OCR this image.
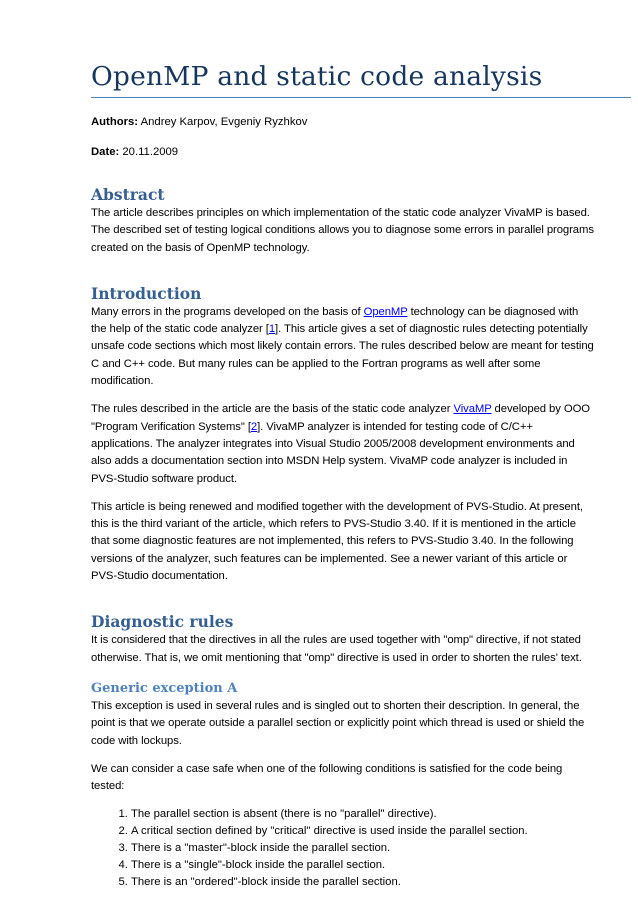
OpenMP and static code analysis

Authors: Andrey Karpov, Evgeniy Ryzhkov

Date: 20.11.2009

Abstract

The article describes principles on which implementation of the static code analyzer VivaMP is based. The described set of testing logical conditions allows you to diagnose some errors in parallel programs created on the basis of OpenMP technology.

Introduction

Many errors in the programs developed on the basis of OpenMP technology can be diagnosed with the help of the static code analyzer [1]. This article gives a set of diagnostic rules detecting potentially unsafe code sections which most likely contain errors. The rules described below are meant for testing C and C++ code. But many rules can be applied to the Fortran programs as well after some modification.

The rules described in the article are the basis of the static code analyzer VivaMP developed by OOO "Program Verification Systems" [2]. VivaMP analyzer is intended for testing code of C/C++ applications. The analyzer integrates into Visual Studio 2005/2008 development environments and also adds a documentation section into MSDN Help system. VivaMP code analyzer is included in PVS-Studio software product.

This article is being renewed and modified together with the development of PVS-Studio. At present, this is the third variant of the article, which refers to PVS-Studio 3.40. If it is mentioned in the article that some diagnostic features are not implemented, this refers to PVS-Studio 3.40. In the following versions of the analyzer, such features can be implemented. See a newer variant of this article or PVS-Studio documentation.

Diagnostic rules

It is considered that the directives in all the rules are used together with "omp" directive, if not stated otherwise. That is, we omit mentioning that "omp" directive is used in order to shorten the rules' text.

Generic exception A

This exception is used in several rules and is singled out to shorten their description. In general, the point is that we operate outside a parallel section or explicitly point which thread is used or shield the code with lockups.

We can consider a case safe when one of the following conditions is satisfied for the code being tested:

1. The parallel section is absent (there is no "parallel" directive).
2. A critical section defined by "critical" directive is used inside the parallel section.
3. There is a "master"-block inside the parallel section.
4. There is a "single"-block inside the parallel section.
5. There is an "ordered"-block inside the parallel section.
